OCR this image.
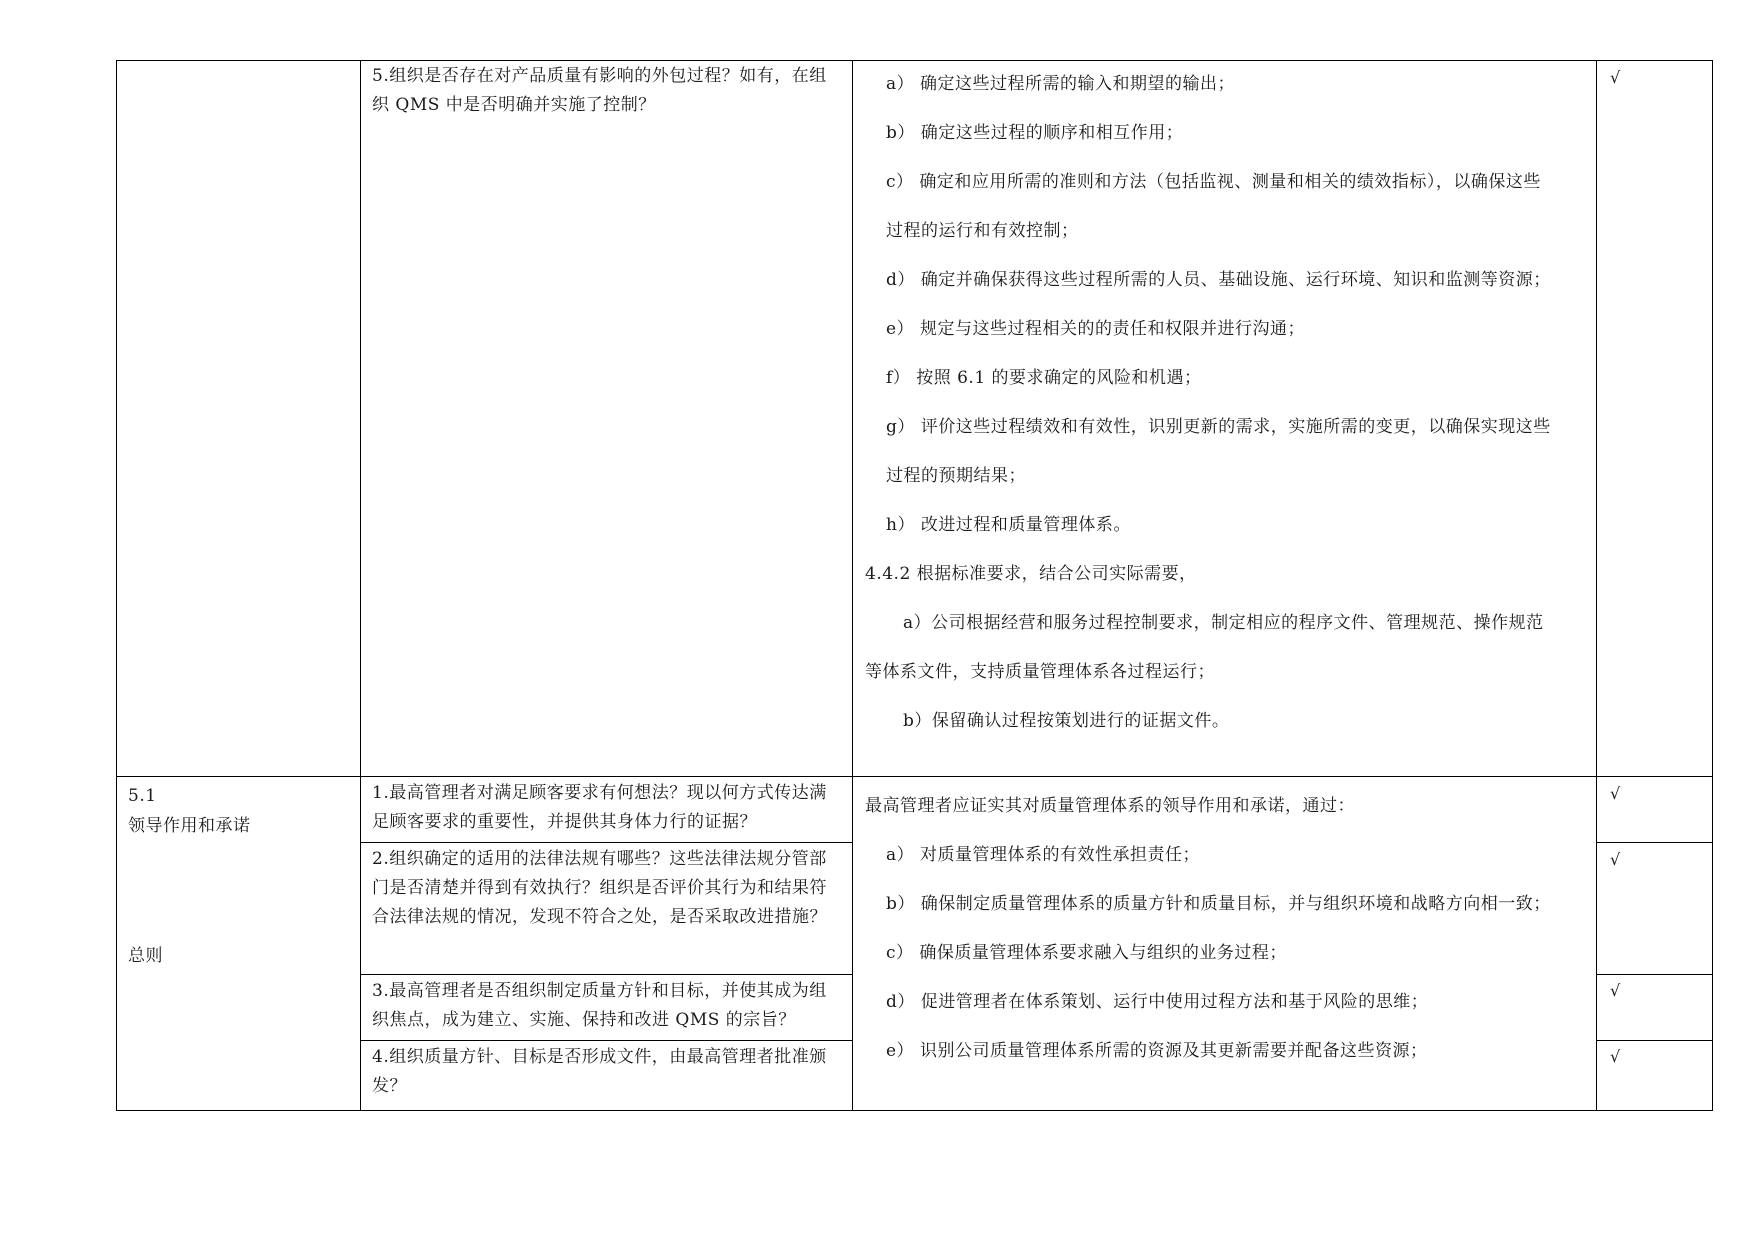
5.组织是否存在对产品质量有影响的外包过程？如有，在组织 QMS 中是否明确并实施了控制？
a） 确定这些过程所需的输入和期望的输出；
b） 确定这些过程的顺序和相互作用；
c） 确定和应用所需的准则和方法（包括监视、测量和相关的绩效指标），以确保这些
过程的运行和有效控制；
d） 确定并确保获得这些过程所需的人员、基础设施、运行环境、知识和监测等资源；
e） 规定与这些过程相关的的责任和权限并进行沟通；
f） 按照 6.1 的要求确定的风险和机遇；
g） 评价这些过程绩效和有效性，识别更新的需求，实施所需的变更，以确保实现这些
过程的预期结果；
h） 改进过程和质量管理体系。
4.4.2 根据标准要求，结合公司实际需要，
a）公司根据经营和服务过程控制要求，制定相应的程序文件、管理规范、操作规范
等体系文件，支持质量管理体系各过程运行；
b）保留确认过程按策划进行的证据文件。
√
5.1
领导作用和承诺
总则
1.最高管理者对满足顾客要求有何想法？现以何方式传达满足顾客要求的重要性，并提供其身体力行的证据？
2.组织确定的适用的法律法规有哪些？这些法律法规分管部门是否清楚并得到有效执行？组织是否评价其行为和结果符合法律法规的情况，发现不符合之处，是否采取改进措施？
3.最高管理者是否组织制定质量方针和目标，并使其成为组织焦点，成为建立、实施、保持和改进 QMS 的宗旨？
4.组织质量方针、目标是否形成文件，由最高管理者批准颁发？
最高管理者应证实其对质量管理体系的领导作用和承诺，通过：
a） 对质量管理体系的有效性承担责任；
b） 确保制定质量管理体系的质量方针和质量目标，并与组织环境和战略方向相一致；
c） 确保质量管理体系要求融入与组织的业务过程；
d） 促进管理者在体系策划、运行中使用过程方法和基于风险的思维；
e） 识别公司质量管理体系所需的资源及其更新需要并配备这些资源；
√
√
√
√
